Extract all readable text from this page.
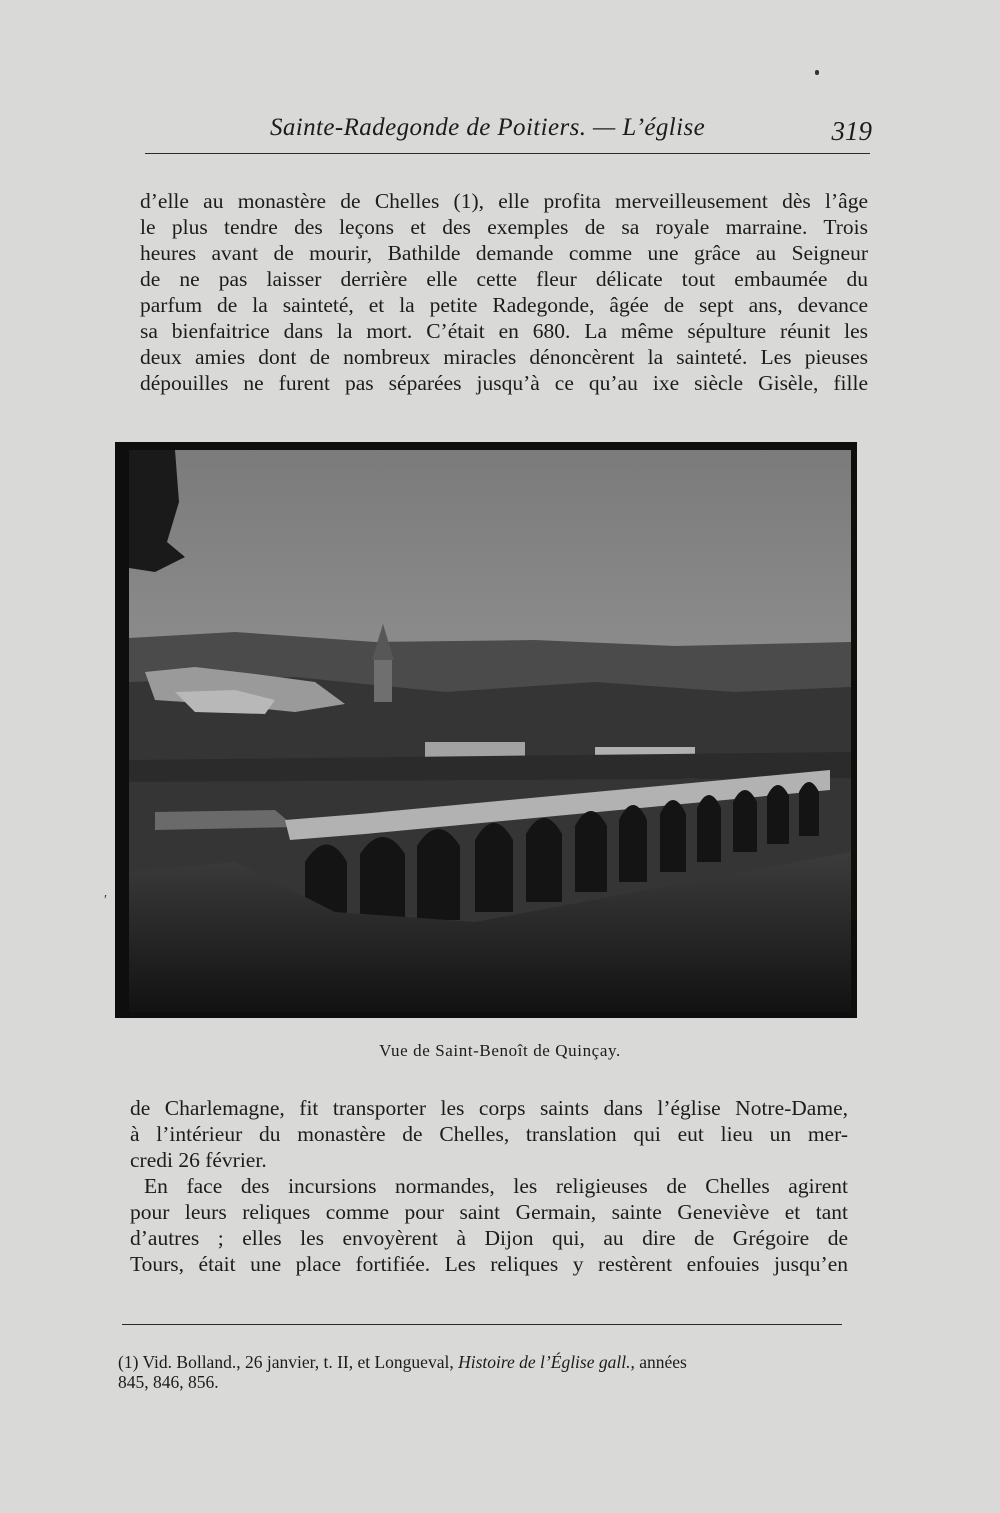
Sainte-Radegonde de Poitiers. — L’église	319

d’elle au monastère de Chelles (1), elle profita merveilleusement dès l’âge
le plus tendre des leçons et des exemples de sa royale marraine. Trois
heures avant de mourir, Bathilde demande comme une grâce au Seigneur
de ne pas laisser derrière elle cette fleur délicate tout embaumée du
parfum de la sainteté, et la petite Radegonde, âgée de sept ans, devance
sa bienfaitrice dans la mort. C’était en 680. La même sépulture réunit les
deux amies dont de nombreux miracles dénoncèrent la sainteté. Les pieuses
dépouilles ne furent pas séparées jusqu’à ce qu’au ixe siècle Gisèle, fille

′
Vue de Saint-Benoît de Quinçay.

de Charlemagne, fit transporter les corps saints dans l’église Notre-Dame,
à l’intérieur du monastère de Chelles, translation qui eut lieu un mer-
credi 26 février.
En face des incursions normandes, les religieuses de Chelles agirent
pour leurs reliques comme pour saint Germain, sainte Geneviève et tant
d’autres ; elles les envoyèrent à Dijon qui, au dire de Grégoire de
Tours, était une place fortifiée. Les reliques y restèrent enfouies jusqu’en

(1) Vid. Bolland., 26 janvier, t. II, et Longueval, Histoire de l’Église gall., années
845, 846, 856.
